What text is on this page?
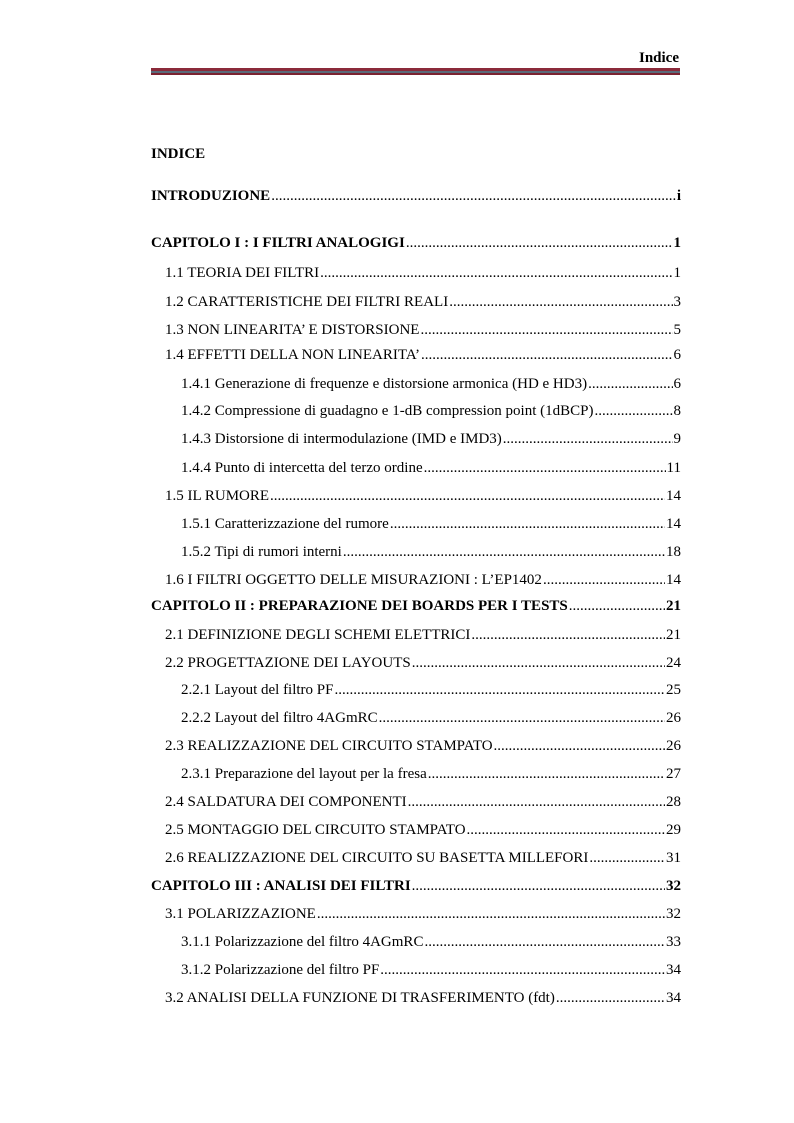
Indice
INDICE
INTRODUZIONE .....	i
CAPITOLO I : I FILTRI ANALOGIGI .....	1
1.1 TEORIA DEI FILTRI .....	1
1.2 CARATTERISTICHE DEI FILTRI REALI .....	3
1.3 NON LINEARITA’ E DISTORSIONE .....	5
1.4 EFFETTI DELLA NON LINEARITA’ .....	6
1.4.1 Generazione di frequenze e distorsione armonica (HD e HD3) .....	6
1.4.2 Compressione di guadagno e 1-dB compression point (1dBCP) .....	8
1.4.3 Distorsione di intermodulazione (IMD e IMD3) .....	9
1.4.4 Punto di intercetta del terzo ordine .....	11
1.5 IL RUMORE .....	14
1.5.1 Caratterizzazione del rumore .....	14
1.5.2 Tipi di rumori interni .....	18
1.6 I FILTRI OGGETTO DELLE MISURAZIONI : L’EP1402 .....	14
CAPITOLO II : PREPARAZIONE DEI BOARDS PER I TESTS .....	21
2.1 DEFINIZIONE DEGLI SCHEMI ELETTRICI .....	21
2.2 PROGETTAZIONE DEI LAYOUTS .....	24
2.2.1 Layout del filtro PF .....	25
2.2.2 Layout del filtro 4AGmRC .....	26
2.3 REALIZZAZIONE DEL CIRCUITO STAMPATO .....	26
2.3.1 Preparazione del layout per la fresa .....	27
2.4 SALDATURA DEI COMPONENTI .....	28
2.5 MONTAGGIO DEL CIRCUITO STAMPATO .....	29
2.6 REALIZZAZIONE DEL CIRCUITO SU BASETTA MILLEFORI .....	31
CAPITOLO III : ANALISI DEI FILTRI .....	32
3.1 POLARIZZAZIONE .....	32
3.1.1 Polarizzazione del filtro 4AGmRC .....	33
3.1.2 Polarizzazione del filtro PF .....	34
3.2 ANALISI DELLA FUNZIONE DI TRASFERIMENTO (fdt) .....	34
